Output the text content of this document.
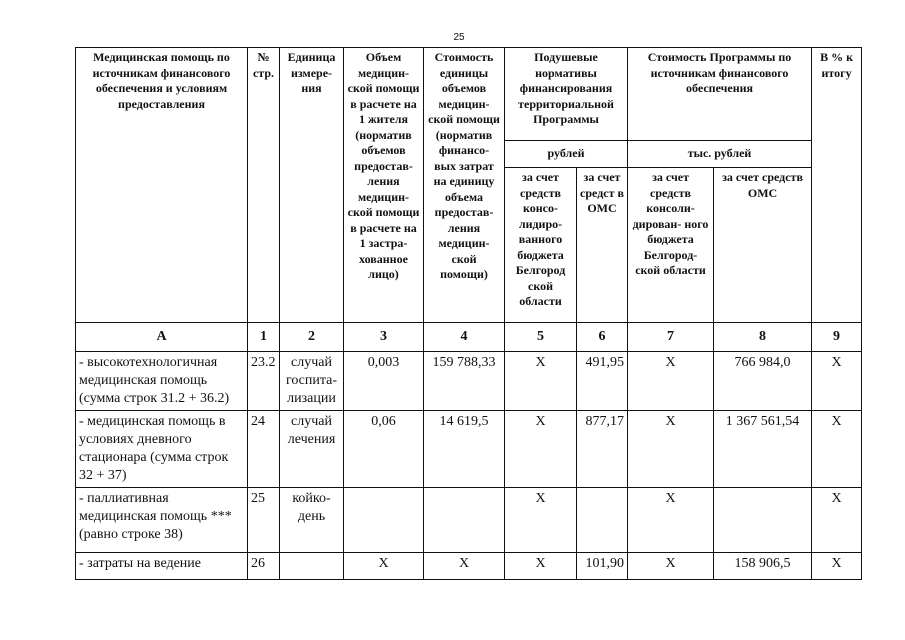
25
Медицинская помощь по источникам финансового обеспечения и условиям предоставления	№ стр.	Единица измере- ния	Объем медицин- ской помощи в расчете на 1 жителя (норматив объемов предостав- ления медицин- ской помощи в расчете на 1 застра- хованное лицо)	Стоимость единицы объемов медицин- ской помощи (норматив финансо- вых затрат на единицу объема предостав- ления медицин- ской помощи)	Подушевые нормативы финансирования территориальной Программы		Стоимость Программы по источникам финансового обеспечения		В % к итогу
					рублей		тыс. рублей		
					за счет средств консо- лидиро- ванного бюджета Белгород ской области	за счет средст в ОМС	за счет средств консоли- дирован- ного бюджета Белгород- ской области	за счет средств ОМС	
А	1	2	3	4	5	6	7	8	9
- высокотехнологичная медицинская помощь (сумма строк 31.2 + 36.2)	23.2	случай госпита- лизации	0,003	159 788,33	Х	491,95	Х	766 984,0	Х
- медицинская помощь в условиях дневного стационара (сумма строк 32 + 37)	24	случай лечения	0,06	14 619,5	Х	877,17	Х	1 367 561,54	Х
- паллиативная медицинская помощь *** (равно строке 38)	25	койко- день			Х		Х		Х
- затраты на ведение	26		Х	Х	Х	101,90	Х	158 906,5	Х
